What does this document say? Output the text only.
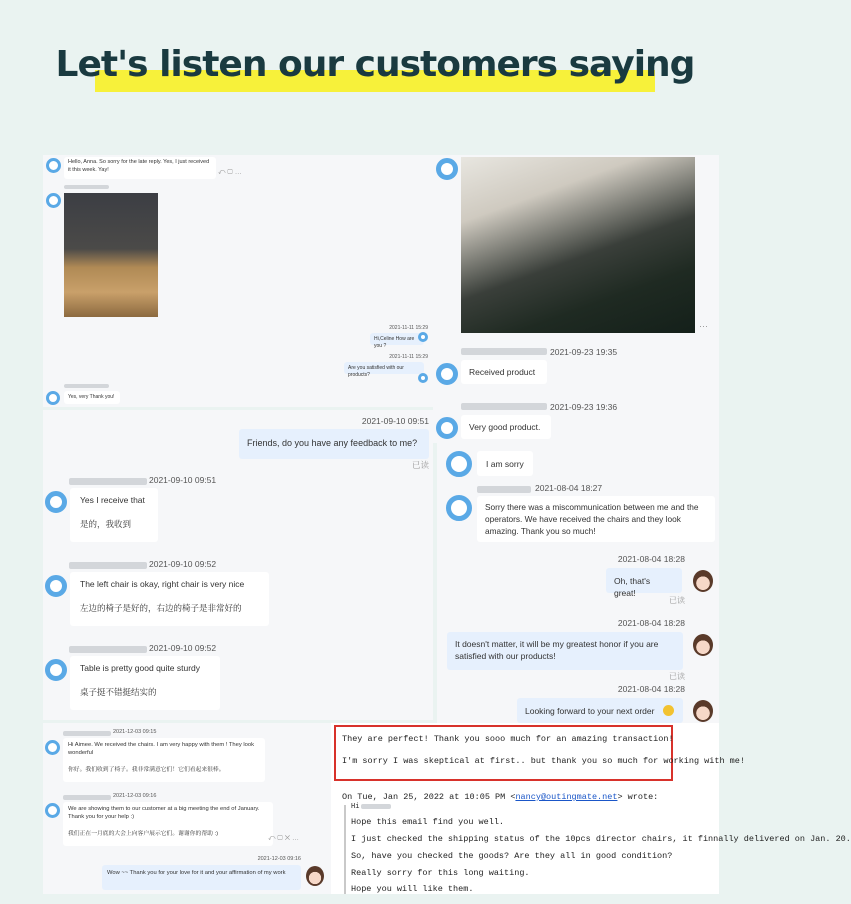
Let's listen our customers saying
Hello, Anna. So sorry for the late reply. Yes, I just received it this week. Yay!	⤺ ▢ …
2021-11-11 15:29
Hi,Celine How are you ?
2021-11-11 15:29
Are you satisfied with our products?
Yes, very Thank you!
⋯
2021-09-23 19:35
Received product
2021-09-23 19:36
Very good product.
2021-09-10 09:51
Friends, do you have any feedback to me?
已读
2021-09-10 09:51
Yes I receive that
是的，我收到
2021-09-10 09:52
The left chair is okay, right chair is very nice
左边的椅子是好的，右边的椅子是非常好的
2021-09-10 09:52
Table is pretty good quite sturdy
桌子挺不错挺结实的
I am sorry
2021-08-04 18:27
Sorry there was a miscommunication between me and the operators. We have received the chairs and they look amazing. Thank you so much!
2021-08-04 18:28
Oh, that's great!
已读
2021-08-04 18:28
It doesn't matter, it will be my greatest honor if you are satisfied with our products!
已读
2021-08-04 18:28
Looking forward to your next order
2021-12-03 09:15
Hi Aimee. We received the chairs. I am very happy with them ! They look wonderful
你好。我们收到了椅子。我非常满意它们！它们看起来很棒。
2021-12-03 09:16
We are showing them to our customer at a big meeting the end of January. Thank you for your help :)
我们正在一月底的大会上向客户展示它们。谢谢你的帮助 :)
⤺ ▢ ✕ …
2021-12-03 09:16
Wow ~~ Thank you for your love for it and your affirmation of my work
They are perfect! Thank you sooo much for an amazing transaction!
I'm sorry I was skeptical at first.. but thank you so much for working with me!
On Tue, Jan 25, 2022 at 10:05 PM <nancy@outingmate.net> wrote:
Hi
Hope this email find you well.
I just checked the shipping status of the 10pcs director chairs, it finnally delivered on Jan. 20.
So, have you checked the goods? Are they all in good condition?
Really sorry for this long waiting.
Hope you will like them.
